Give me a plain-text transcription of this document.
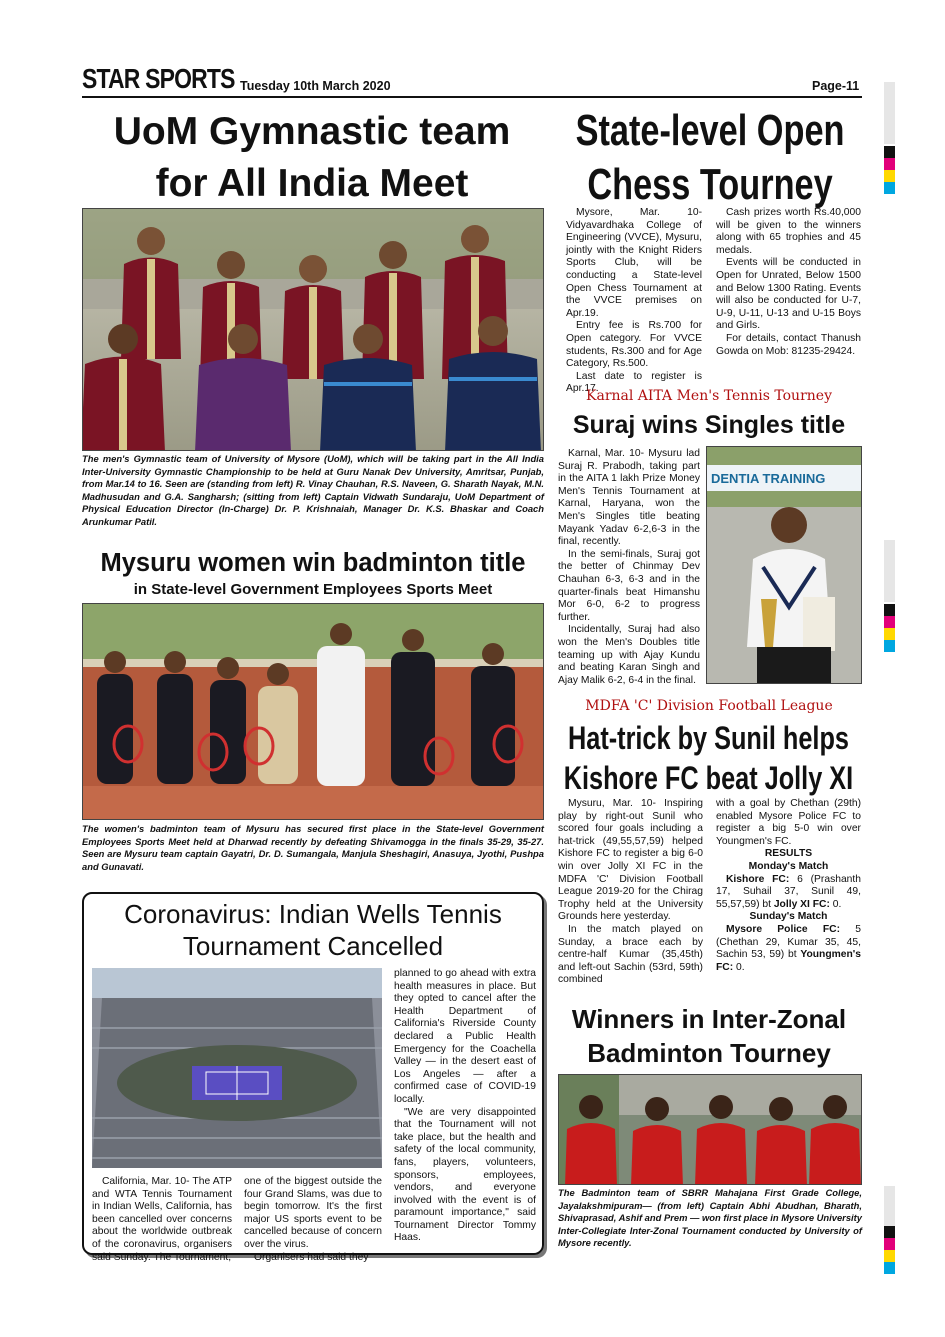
STAR SPORTS Tuesday 10th March 2020	Page-11
UoM Gymnastic team
for All India Meet
The men's Gymnastic team of University of Mysore (UoM), which will be taking part in the All India Inter-University Gymnastic Championship to be held at Guru Nanak Dev University, Amritsar, Punjab, from Mar.14 to 16. Seen are (standing from left) R. Vinay Chauhan, R.S. Naveen, G. Sharath Nayak, M.N. Madhusudan and G.A. Sangharsh; (sitting from left) Captain Vidwath Sundaraju, UoM Department of Physical Education Director (In-Charge) Dr. P. Krishnaiah, Manager Dr. K.S. Bhaskar and Coach Arunkumar Patil.
Mysuru women win badminton title
in State-level Government Employees Sports Meet
The women's badminton team of Mysuru has secured first place in the State-level Government Employees Sports Meet held at Dharwad recently by defeating Shivamogga in the finals 35-29, 35-27. Seen are Mysuru team captain Gayatri, Dr. D. Sumangala, Manjula Sheshagiri, Anasuya, Jyothi, Pushpa and Gunavati.
Coronavirus: Indian Wells Tennis
Tournament Cancelled
California, Mar. 10- The ATP and WTA Tennis Tournament in Indian Wells, California, has been cancelled over concerns about the worldwide outbreak of the coronavirus, organisers said Sunday. The Tournament,

one of the biggest outside the four Grand Slams, was due to begin tomorrow. It's the first major US sports event to be cancelled because of concern over the virus.

Organisers had said they

planned to go ahead with extra health measures in place. But they opted to cancel after the Health Department of California's Riverside County declared a Public Health Emergency for the Coachella Valley — in the desert east of Los Angeles — after a confirmed case of COVID-19 locally.

"We are very disappointed that the Tournament will not take place, but the health and safety of the local community, fans, players, volunteers, sponsors, employees, vendors, and everyone involved with the event is of paramount importance," said Tournament Director Tommy Haas.

State-level Open
Chess Tourney

Mysore, Mar. 10- Vidyavardhaka College of Engineering (VVCE), Mysuru, jointly with the Knight Riders Sports Club, will be conducting a State-level Open Chess Tournament at the VVCE premises on Apr.19.

Entry fee is Rs.700 for Open category. For VVCE students, Rs.300 and for Age Category, Rs.500.

Last date to register is Apr.17.

Cash prizes worth Rs.40,000 will be given to the winners along with 65 trophies and 45 medals.

Events will be conducted in Open for Unrated, Below 1500 and Below 1300 Rating. Events will also be conducted for U-7, U-9, U-11, U-13 and U-15 Boys and Girls.

For details, contact Thanush Gowda on Mob: 81235-29424.

Karnal AITA Men's Tennis Tourney
Suraj wins Singles title

Karnal, Mar. 10- Mysuru lad Suraj R. Prabodh, taking part in the AITA 1 lakh Prize Money Men's Tennis Tournament at Karnal, Haryana, won the Men's Singles title beating Mayank Yadav 6-2,6-3 in the final, recently.

In the semi-finals, Suraj got the better of Chinmay Dev Chauhan 6-3, 6-3 and in the quarter-finals beat Himanshu Mor 6-0, 6-2 to progress further.

Incidentally, Suraj had also won the Men's Doubles title teaming up with Ajay Kundu and beating Karan Singh and Ajay Malik 6-2, 6-4 in the final.

DENTIA TRAINING
MDFA 'C' Division Football League
Hat-trick by Sunil helps
Kishore FC beat Jolly XI

Mysuru, Mar. 10- Inspiring play by right-out Sunil who scored four goals including a hat-trick (49,55,57,59) helped Kishore FC to register a big 6-0 win over Jolly XI FC in the MDFA 'C' Division Football League 2019-20 for the Chirag Trophy held at the University Grounds here yesterday.

In the match played on Sunday, a brace each by centre-half Kumar (35,45th) and left-out Sachin (53rd, 59th) combined

with a goal by Chethan (29th) enabled Mysore Police FC to register a big 5-0 win over Youngmen's FC.

RESULTS
Monday's Match

Kishore FC: 6 (Prashanth 17, Suhail 37, Sunil 49, 55,57,59) bt Jolly XI FC: 0.

Sunday's Match

Mysore Police FC: 5 (Chethan 29, Kumar 35, 45, Sachin 53, 59) bt Youngmen's FC: 0.

Winners in Inter-Zonal
Badminton Tourney
The Badminton team of SBRR Mahajana First Grade College, Jayalakshmipuram— (from left) Captain Abhi Abudhan, Bharath, Shivaprasad, Ashif and Prem — won first place in Mysore University Inter-Collegiate Inter-Zonal Tournament conducted by University of Mysore recently.
